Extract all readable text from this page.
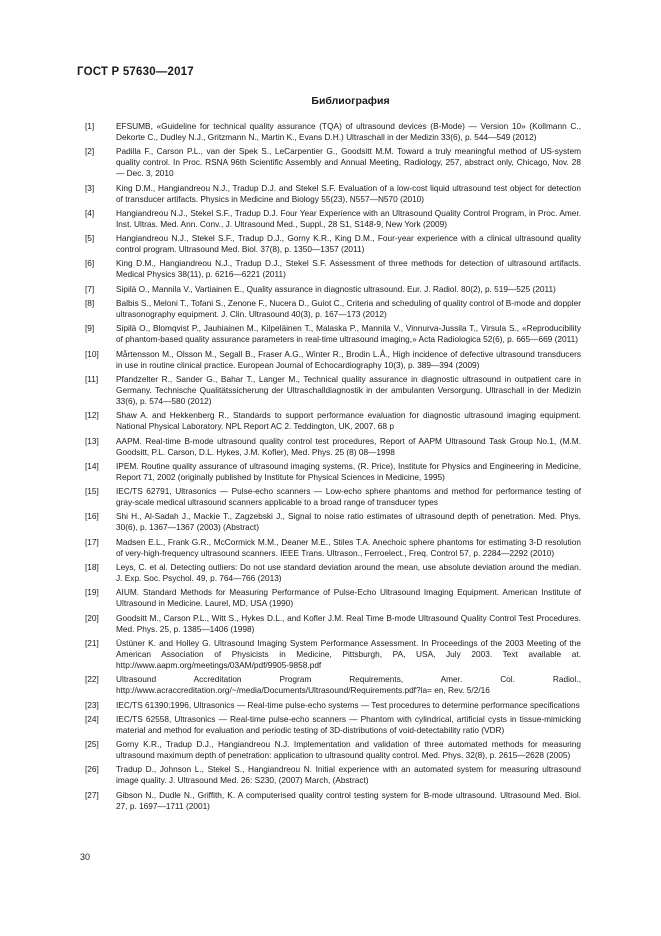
ГОСТ Р 57630—2017
Библиография
[1]	EFSUMB, «Guideline for technical quality assurance (TQA) of ultrasound devices (B-Mode) — Version 10» (Kollmann C., Dekorte C., Dudley N.J., Gritzmann N., Martin K., Evans D.H.) Ultraschall in der Medizin 33(6), p. 544—549 (2012)
[2]	Padilla F., Carson P.L., van der Spek S., LeCarpentier G., Goodsitt M.M. Toward a truly meaningful method of US-system quality control. In Proc. RSNA 96th Scientific Assembly and Annual Meeting, Radiology, 257, abstract only, Chicago, Nov. 28 — Dec. 3, 2010
[3]	King D.M., Hangiandreou N.J., Tradup D.J. and Stekel S.F. Evaluation of a low-cost liquid ultrasound test object for detection of transducer artifacts. Physics in Medicine and Biology 55(23), N557—N570 (2010)
[4]	Hangiandreou N.J., Stekel S.F., Tradup D.J. Four Year Experience with an Ultrasound Quality Control Program, in Proc. Amer. Inst. Ultras. Med. Ann. Conv., J. Ultrasound Med., Suppl., 28 S1, S148-9, New York (2009)
[5]	Hangiandreou N.J., Stekel S.F., Tradup D.J., Gorny K.R., King D.M., Four-year experience with a clinical ultrasound quality control program. Ultrasound Med. Biol. 37(8), p. 1350—1357 (2011)
[6]	King D.M., Hangiandreou N.J., Tradup D.J., Stekel S.F. Assessment of three methods for detection of ultrasound artifacts. Medical Physics 38(11), p. 6216—6221 (2011)
[7]	Sipilä O., Mannila V., Vartiainen E., Quality assurance in diagnostic ultrasound. Eur. J. Radiol. 80(2), p. 519—525 (2011)
[8]	Balbis S., Meloni T., Tofani S., Zenone F., Nucera D., Guiot C., Criteria and scheduling of quality control of B-mode and doppler ultrasonography equipment. J. Clin. Ultrasound 40(3), p. 167—173 (2012)
[9]	Sipilä O., Blomqvist P., Jauhiainen M., Kilpeläinen T., Malaska P., Mannila V., Vinnurva-Jussila T., Virsula S., «Reproducibility of phantom-based quality assurance parameters in real-time ultrasound imaging,» Acta Radiologica 52(6), p. 665—669 (2011)
[10]	Mårtensson M., Olsson M., Segall B., Fraser A.G., Winter R., Brodin L.Å., High incidence of defective ultrasound transducers in use in routine clinical practice. European Journal of Echocardiography 10(3), p. 389—394 (2009)
[11]	Pfandzelter R., Sander G., Bahar T., Langer M., Technical quality assurance in diagnostic ultrasound in outpatient care in Germany. Technische Qualitätssicherung der Ultraschalldiagnostik in der ambulanten Versorgung. Ultraschall in der Medizin 33(6), p. 574—580 (2012)
[12]	Shaw A. and Hekkenberg R., Standards to support performance evaluation for diagnostic ultrasound imaging equipment. National Physical Laboratory. NPL Report AC 2. Teddington, UK, 2007. 68 p
[13]	AAPM. Real-time B-mode ultrasound quality control test procedures, Report of AAPM Ultrasound Task Group No.1, (M.M. Goodsitt, P.L. Carson, D.L. Hykes, J.M. Kofler), Med. Phys. 25 (8) 08—1998
[14]	IPEM. Routine quality assurance of ultrasound imaging systems, (R. Price), Institute for Physics and Engineering in Medicine, Report 71, 2002 (originally published by Institute for Physical Sciences in Medicine, 1995)
[15]	IEC/TS 62791, Ultrasonics — Pulse-echo scanners — Low-echo sphere phantoms and method for performance testing of gray-scale medical ultrasound scanners applicable to a broad range of transducer types
[16]	Shi H., Al-Sadah J., Mackie T., Zagzebski J., Signal to noise ratio estimates of ultrasound depth of penetration. Med. Phys. 30(6), p. 1367—1367 (2003) (Abstract)
[17]	Madsen E.L., Frank G.R., McCormick M.M., Deaner M.E., Stiles T.A. Anechoic sphere phantoms for estimating 3-D resolution of very-high-frequency ultrasound scanners. IEEE Trans. Ultrason., Ferroelect., Freq. Control 57, p. 2284—2292 (2010)
[18]	Leys, C. et al. Detecting outliers: Do not use standard deviation around the mean, use absolute deviation around the median. J. Exp. Soc. Psychol. 49, p. 764—766 (2013)
[19]	AIUM. Standard Methods for Measuring Performance of Pulse-Echo Ultrasound Imaging Equipment. American Institute of Ultrasound in Medicine. Laurel, MD, USA (1990)
[20]	Goodsitt M., Carson P.L., Witt S., Hykes D.L., and Kofler J.M. Real Time B-mode Ultrasound Quality Control Test Procedures. Med. Phys. 25, p. 1385—1406 (1998)
[21]	Üstüner K. and Holley G. Ultrasound Imaging System Performance Assessment. In Proceedings of the 2003 Meeting of the American Association of Physicists in Medicine, Pittsburgh, PA, USA, July 2003. Text available at. http://www.aapm.org/meetings/03AM/pdf/9905-9858.pdf
[22]	Ultrasound Accreditation Program Requirements, Amer. Col. Radiol., http://www.acraccreditation.org/~/media/Documents/Ultrasound/Requirements.pdf?la= en, Rev. 5/2/16
[23]	IEC/TS 61390:1996, Ultrasonics — Real-time pulse-echo systems — Test procedures to determine performance specifications
[24]	IEC/TS 62558, Ultrasonics — Real-time pulse-echo scanners — Phantom with cylindrical, artificial cysts in tissue-mimicking material and method for evaluation and periodic testing of 3D-distributions of void-detectability ratio (VDR)
[25]	Gorny K.R., Tradup D.J., Hangiandreou N.J. Implementation and validation of three automated methods for measuring ultrasound maximum depth of penetration: application to ultrasound quality control. Med. Phys. 32(8), p. 2615—2628 (2005)
[26]	Tradup D., Johnson L., Stekel S., Hangiandreou N. Initial experience with an automated system for measuring ultrasound image quality. J. Ultrasound Med. 26: S230, (2007) March, (Abstract)
[27]	Gibson N., Dudle N., Griffith, K. A computerised quality control testing system for B-mode ultrasound. Ultrasound Med. Biol. 27, p. 1697—1711 (2001)
30
